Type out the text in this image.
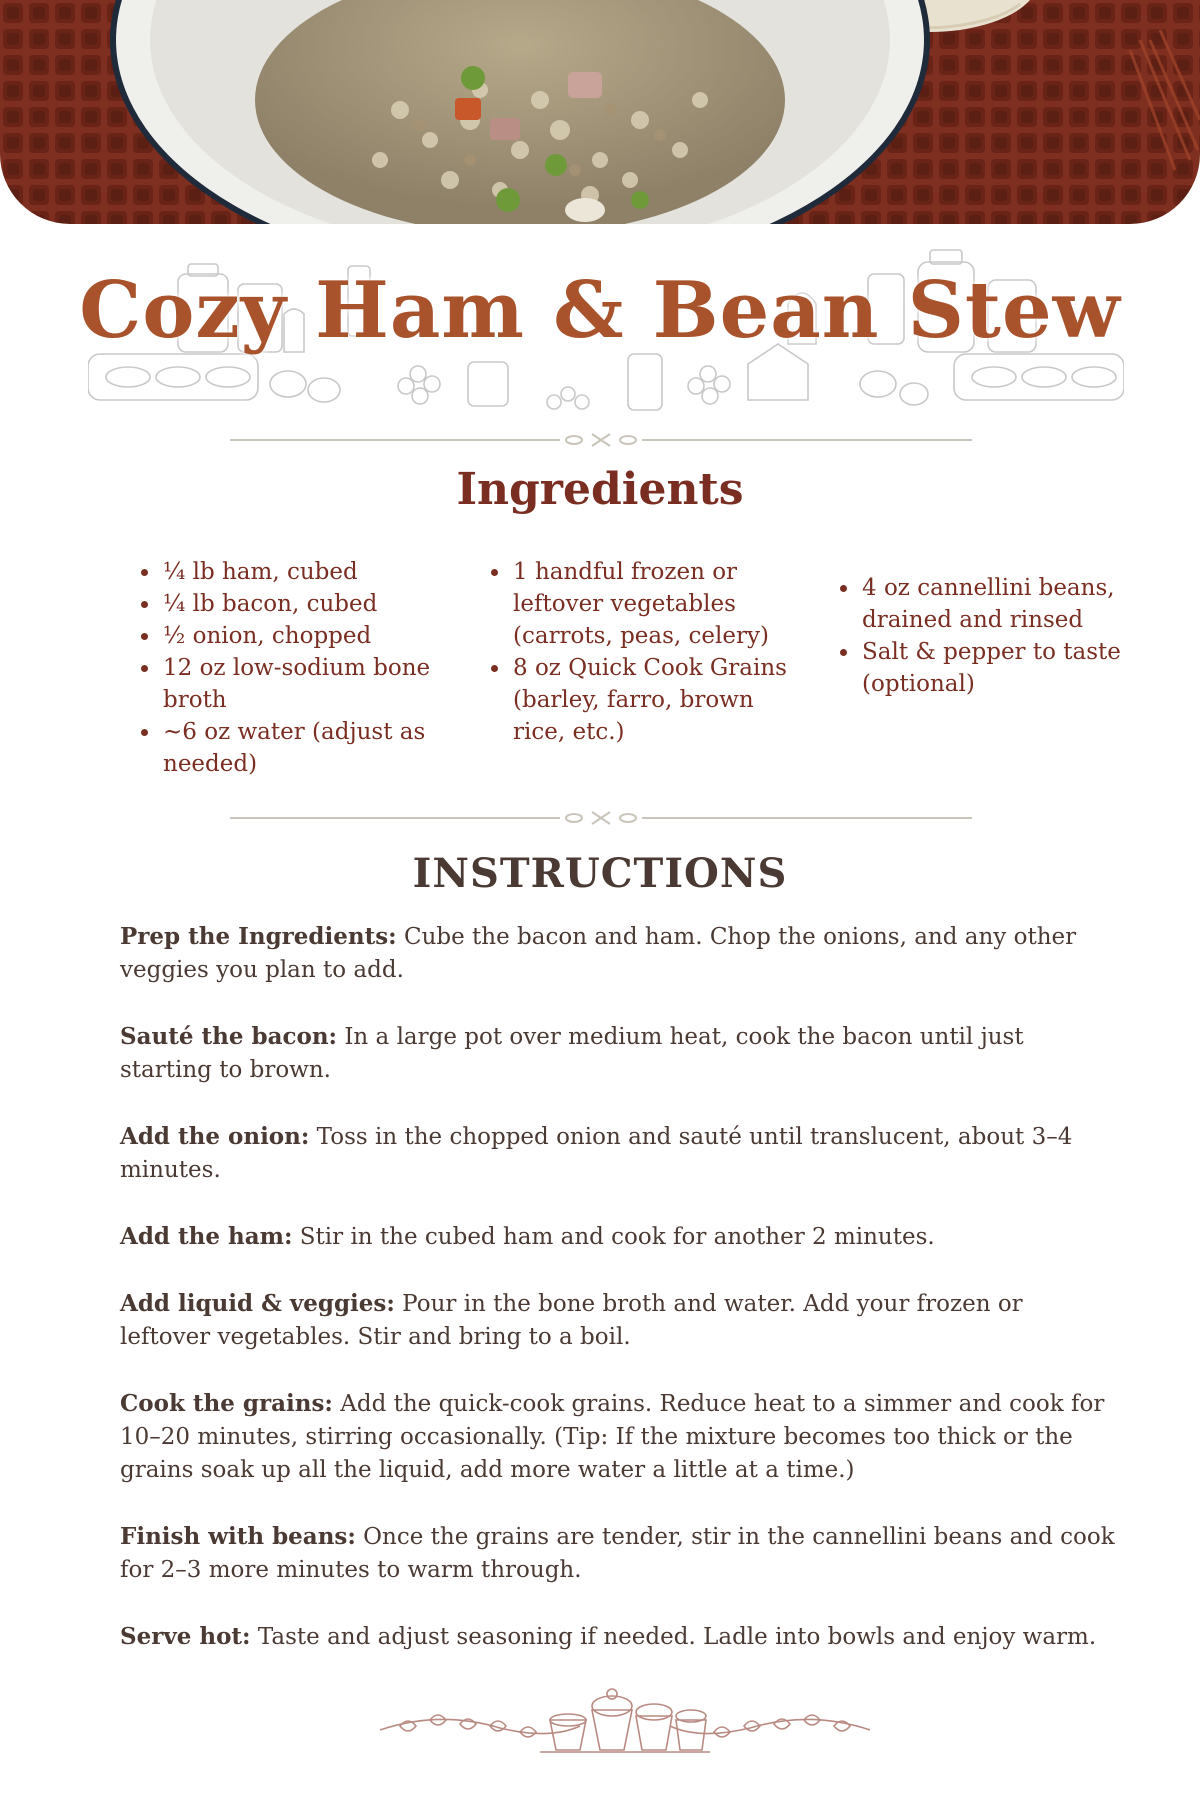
Cozy Ham & Bean Stew
Ingredients
• ¼ lb ham, cubed
• ¼ lb bacon, cubed
• ½ onion, chopped
• 12 oz low-sodium bone broth
• ~6 oz water (adjust as needed)
• 1 handful frozen or leftover vegetables (carrots, peas, celery)
• 8 oz Quick Cook Grains (barley, farro, brown rice, etc.)
• 4 oz cannellini beans, drained and rinsed
• Salt & pepper to taste (optional)
INSTRUCTIONS

Prep the Ingredients: Cube the bacon and ham. Chop the onions, and any other veggies you plan to add.

Sauté the bacon: In a large pot over medium heat, cook the bacon until just starting to brown.

Add the onion: Toss in the chopped onion and sauté until translucent, about 3–4 minutes.

Add the ham: Stir in the cubed ham and cook for another 2 minutes.

Add liquid & veggies: Pour in the bone broth and water. Add your frozen or leftover vegetables. Stir and bring to a boil.

Cook the grains: Add the quick-cook grains. Reduce heat to a simmer and cook for 10–20 minutes, stirring occasionally. (Tip: If the mixture becomes too thick or the grains soak up all the liquid, add more water a little at a time.)

Finish with beans: Once the grains are tender, stir in the cannellini beans and cook for 2–3 more minutes to warm through.

Serve hot: Taste and adjust seasoning if needed. Ladle into bowls and enjoy warm.
